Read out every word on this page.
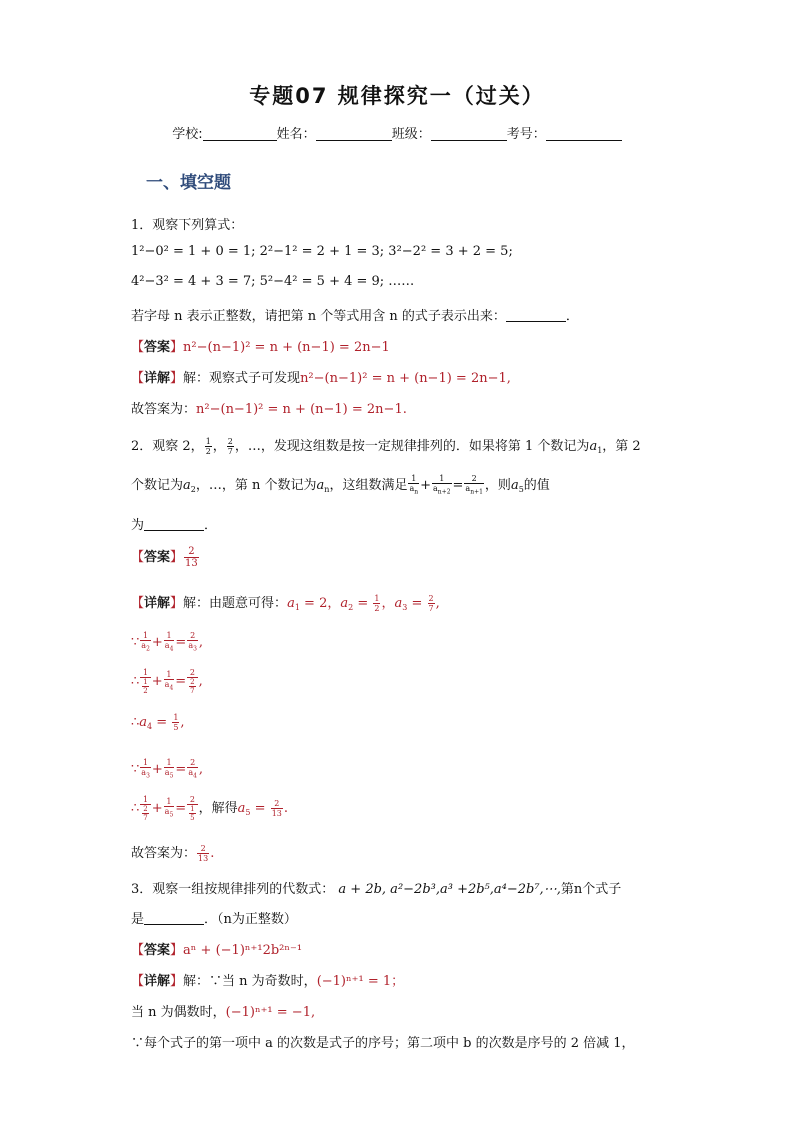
专题07 规律探究一（过关）
学校:	姓名：	班级：	考号：
一、填空题
1．观察下列算式：
1²−0² = 1 + 0 = 1; 2²−1² = 2 + 1 = 3; 3²−2² = 3 + 2 = 5;
4²−3² = 4 + 3 = 7; 5²−4² = 5 + 4 = 9; ……
若字母 n 表示正整数，请把第 n 个等式用含 n 的式子表示出来：	．
【答案】n²−(n−1)² = n + (n−1) = 2n−1
【详解】解：观察式子可发现n²−(n−1)² = n + (n−1) = 2n−1,
故答案为：n²−(n−1)² = n + (n−1) = 2n−1.
2．观察 2， $\frac{1}{2}$ ， $\frac{2}{7}$ ，…，发现这组数是按一定规律排列的．如果将第 1 个数记为$a_1$，第 2
个数记为$a_2$，…，第 n 个数记为$a_n$，这组数满足 $\frac{1}{a_n} + \frac{1}{a_{n+2}} = \frac{2}{a_{n+1}}$ ，则$a_5$的值
为	．
【答案】 $\frac{2}{13}$
【详解】解：由题意可得：$a_1 = 2$，$a_2 = \frac{1}{2}$ ，$a_3 = \frac{2}{7}$ ,
∵ $\frac{1}{a_2} + \frac{1}{a_4} = \frac{2}{a_3}$ ,
∴ $\frac{1}{\frac{1}{2}} + \frac{1}{a_4} = \frac{2}{\frac{2}{7}}$ ,
$\therefore a_4 = \frac{1}{5}$ ,
∵ $\frac{1}{a_3} + \frac{1}{a_5} = \frac{2}{a_4}$ ,
∴ $\frac{1}{\frac{2}{7}} + \frac{1}{a_5} = \frac{2}{\frac{1}{5}}$ ，解得$a_5 = \frac{2}{13}$ .
故答案为： $\frac{2}{13}$ .
3．观察一组按规律排列的代数式： a + 2b, a²−2b³,a³ +2b⁵,a⁴−2b⁷,⋯,第n个式子
是	．（n为正整数）
【答案】aⁿ + (−1)ⁿ⁺¹2b²ⁿ⁻¹
【详解】解：∵当 n 为奇数时，(−1)ⁿ⁺¹ = 1；
当 n 为偶数时，(−1)ⁿ⁺¹ = −1,
∵每个式子的第一项中 a 的次数是式子的序号；第二项中 b 的次数是序号的 2 倍减 1，
